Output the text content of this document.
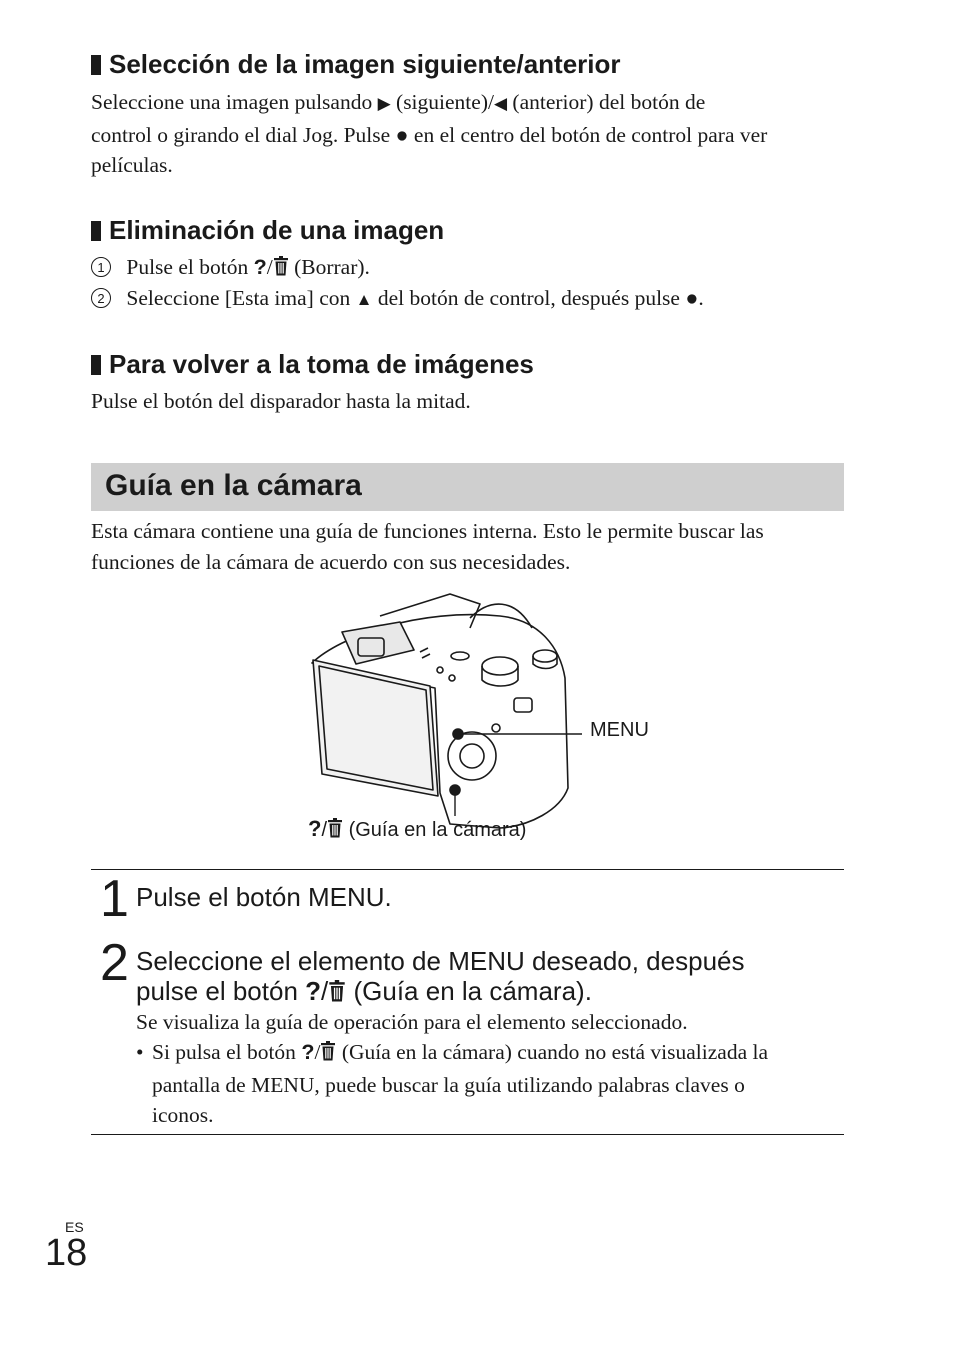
Selección de la imagen siguiente/anterior
Seleccione una imagen pulsando ▶ (siguiente)/◀ (anterior) del botón de
control o girando el dial Jog. Pulse ● en el centro del botón de control para ver
películas.
Eliminación de una imagen
1 Pulse el botón ?/ (Borrar).
2 Seleccione [Esta ima] con ▲ del botón de control, después pulse ●.
Para volver a la toma de imágenes
Pulse el botón del disparador hasta la mitad.
Guía en la cámara
Esta cámara contiene una guía de funciones interna. Esto le permite buscar las
funciones de la cámara de acuerdo con sus necesidades.
MENU
?/ (Guía en la cámara)
1 Pulse el botón MENU.
2 Seleccione el elemento de MENU deseado, después
pulse el botón ?/ (Guía en la cámara).
Se visualiza la guía de operación para el elemento seleccionado.
• Si pulsa el botón ?/ (Guía en la cámara) cuando no está visualizada la
pantalla de MENU, puede buscar la guía utilizando palabras claves o
iconos.
ES
18
